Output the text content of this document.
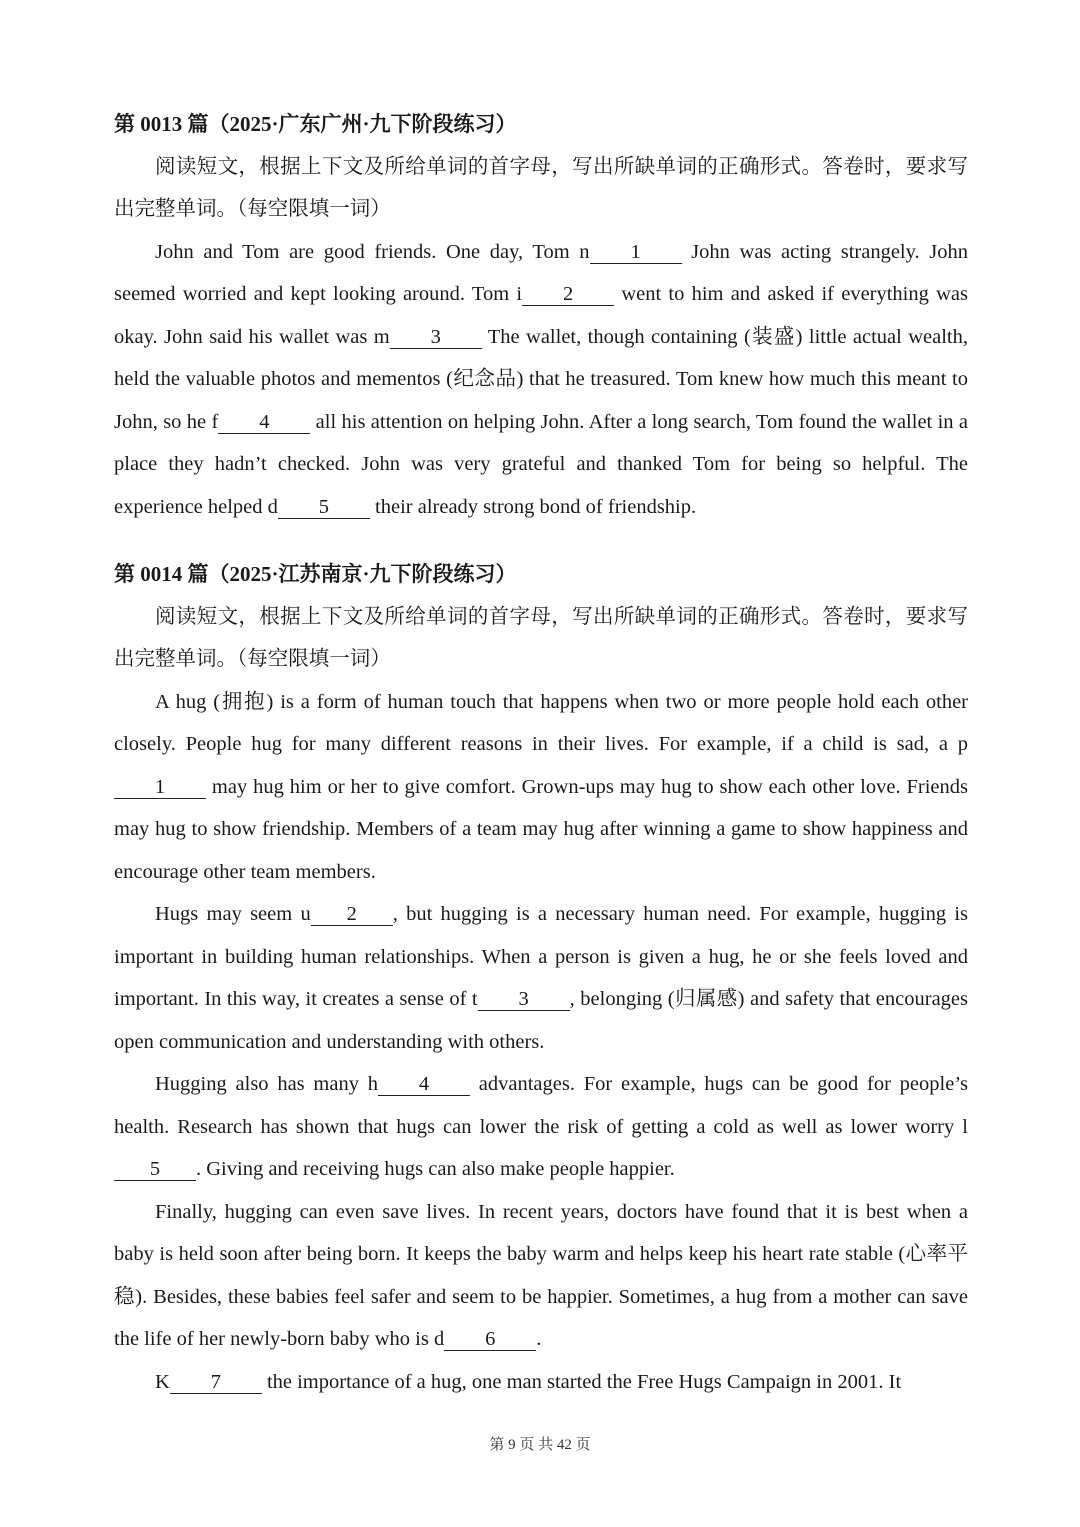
第 0013 篇（2025·广东广州·九下阶段练习）

阅读短文，根据上下文及所给单词的首字母，写出所缺单词的正确形式。答卷时，要求写出完整单词。（每空限填一词）

John and Tom are good friends. One day, Tom n 1 John was acting strangely. John seemed worried and kept looking around. Tom i 2 went to him and asked if everything was okay. John said his wallet was m 3 The wallet, though containing (装盛) little actual wealth, held the valuable photos and mementos (纪念品) that he treasured. Tom knew how much this meant to John, so he f 4 all his attention on helping John. After a long search, Tom found the wallet in a place they hadn’t checked. John was very grateful and thanked Tom for being so helpful. The experience helped d 5 their already strong bond of friendship.

第 0014 篇（2025·江苏南京·九下阶段练习）

阅读短文，根据上下文及所给单词的首字母，写出所缺单词的正确形式。答卷时，要求写出完整单词。（每空限填一词）

A hug (拥抱) is a form of human touch that happens when two or more people hold each other closely. People hug for many different reasons in their lives. For example, if a child is sad, a p1 may hug him or her to give comfort. Grown-ups may hug to show each other love. Friends may hug to show friendship. Members of a team may hug after winning a game to show happiness and encourage other team members.

Hugs may seem u 2 , but hugging is a necessary human need. For example, hugging is important in building human relationships. When a person is given a hug, he or she feels loved and important. In this way, it creates a sense of t 3 , belonging (归属感) and safety that encourages open communication and understanding with others.

Hugging also has many h 4 advantages. For example, hugs can be good for people’s health. Research has shown that hugs can lower the risk of getting a cold as well as lower worry l5 . Giving and receiving hugs can also make people happier.

Finally, hugging can even save lives. In recent years, doctors have found that it is best when a baby is held soon after being born. It keeps the baby warm and helps keep his heart rate stable (心率平稳). Besides, these babies feel safer and seem to be happier. Sometimes, a hug from a mother can save the life of her newly-born baby who is d 6 .

K 7 the importance of a hug, one man started the Free Hugs Campaign in 2001. It

第 9 页 共 42 页
